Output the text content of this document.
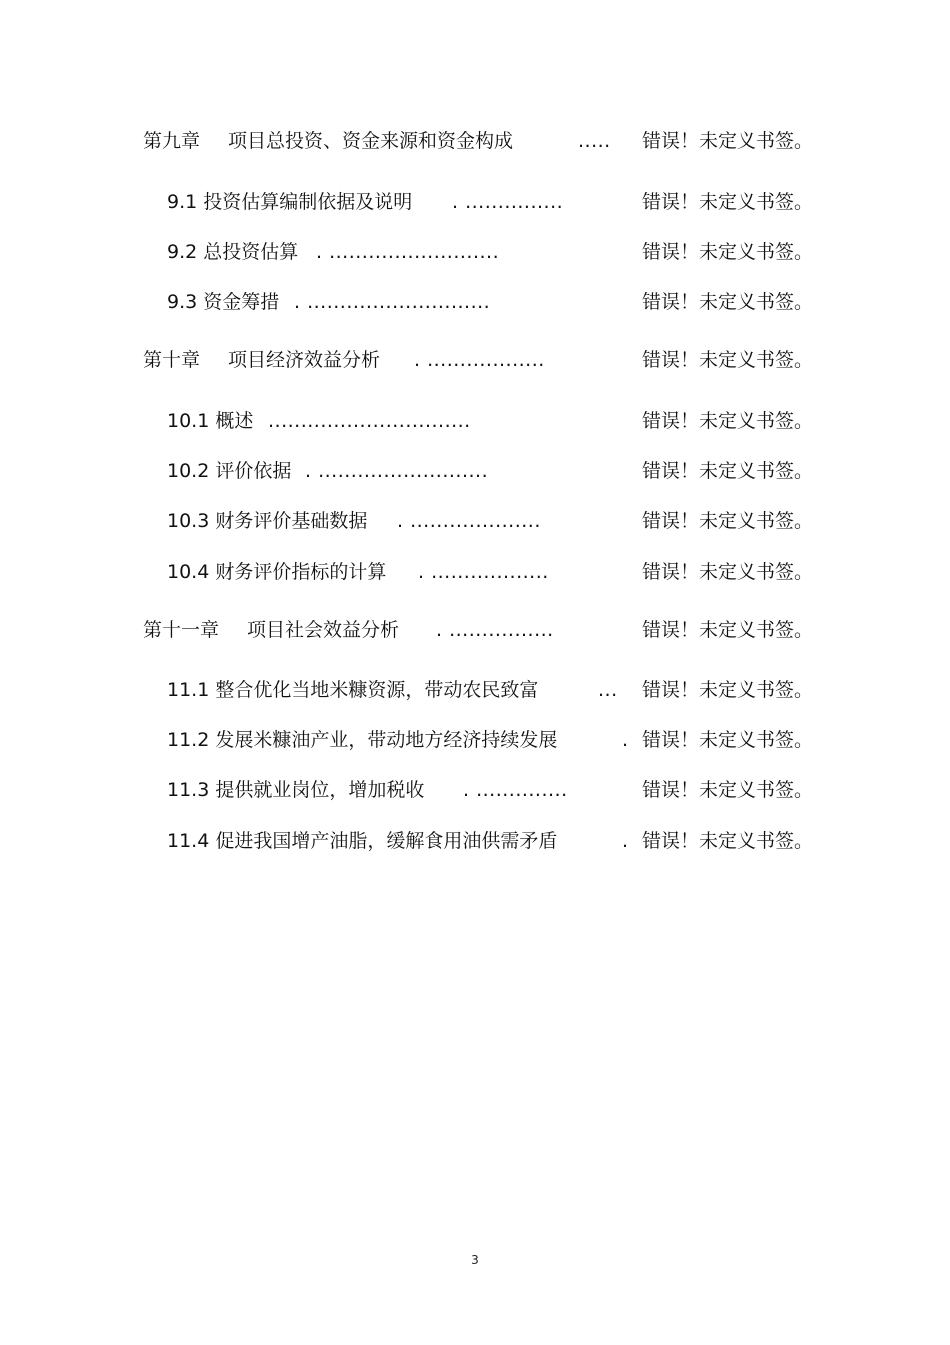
第九章 项目总投资、资金来源和资金构成	..... 错误！未定义书签。
9.1 投资估算编制依据及说明 . ...............	错误！未定义书签。
9.2 总投资估算 . ..........................	错误！未定义书签。
9.3 资金筹措 . ............................	错误！未定义书签。
第十章 项目经济效益分析 . ..................	错误！未定义书签。
10.1 概述 ...............................	错误！未定义书签。
10.2 评价依据 . ..........................	错误！未定义书签。
10.3 财务评价基础数据 . ....................	错误！未定义书签。
10.4 财务评价指标的计算 . ..................	错误！未定义书签。
第十一章 项目社会效益分析 . ................	错误！未定义书签。
11.1 整合优化当地米糠资源，带动农民致富	... 错误！未定义书签。
11.2 发展米糠油产业，带动地方经济持续发展	. 错误！未定义书签。
11.3 提供就业岗位，增加税收 . ..............	错误！未定义书签。
11.4 促进我国增产油脂，缓解食用油供需矛盾	. 错误！未定义书签。
3
